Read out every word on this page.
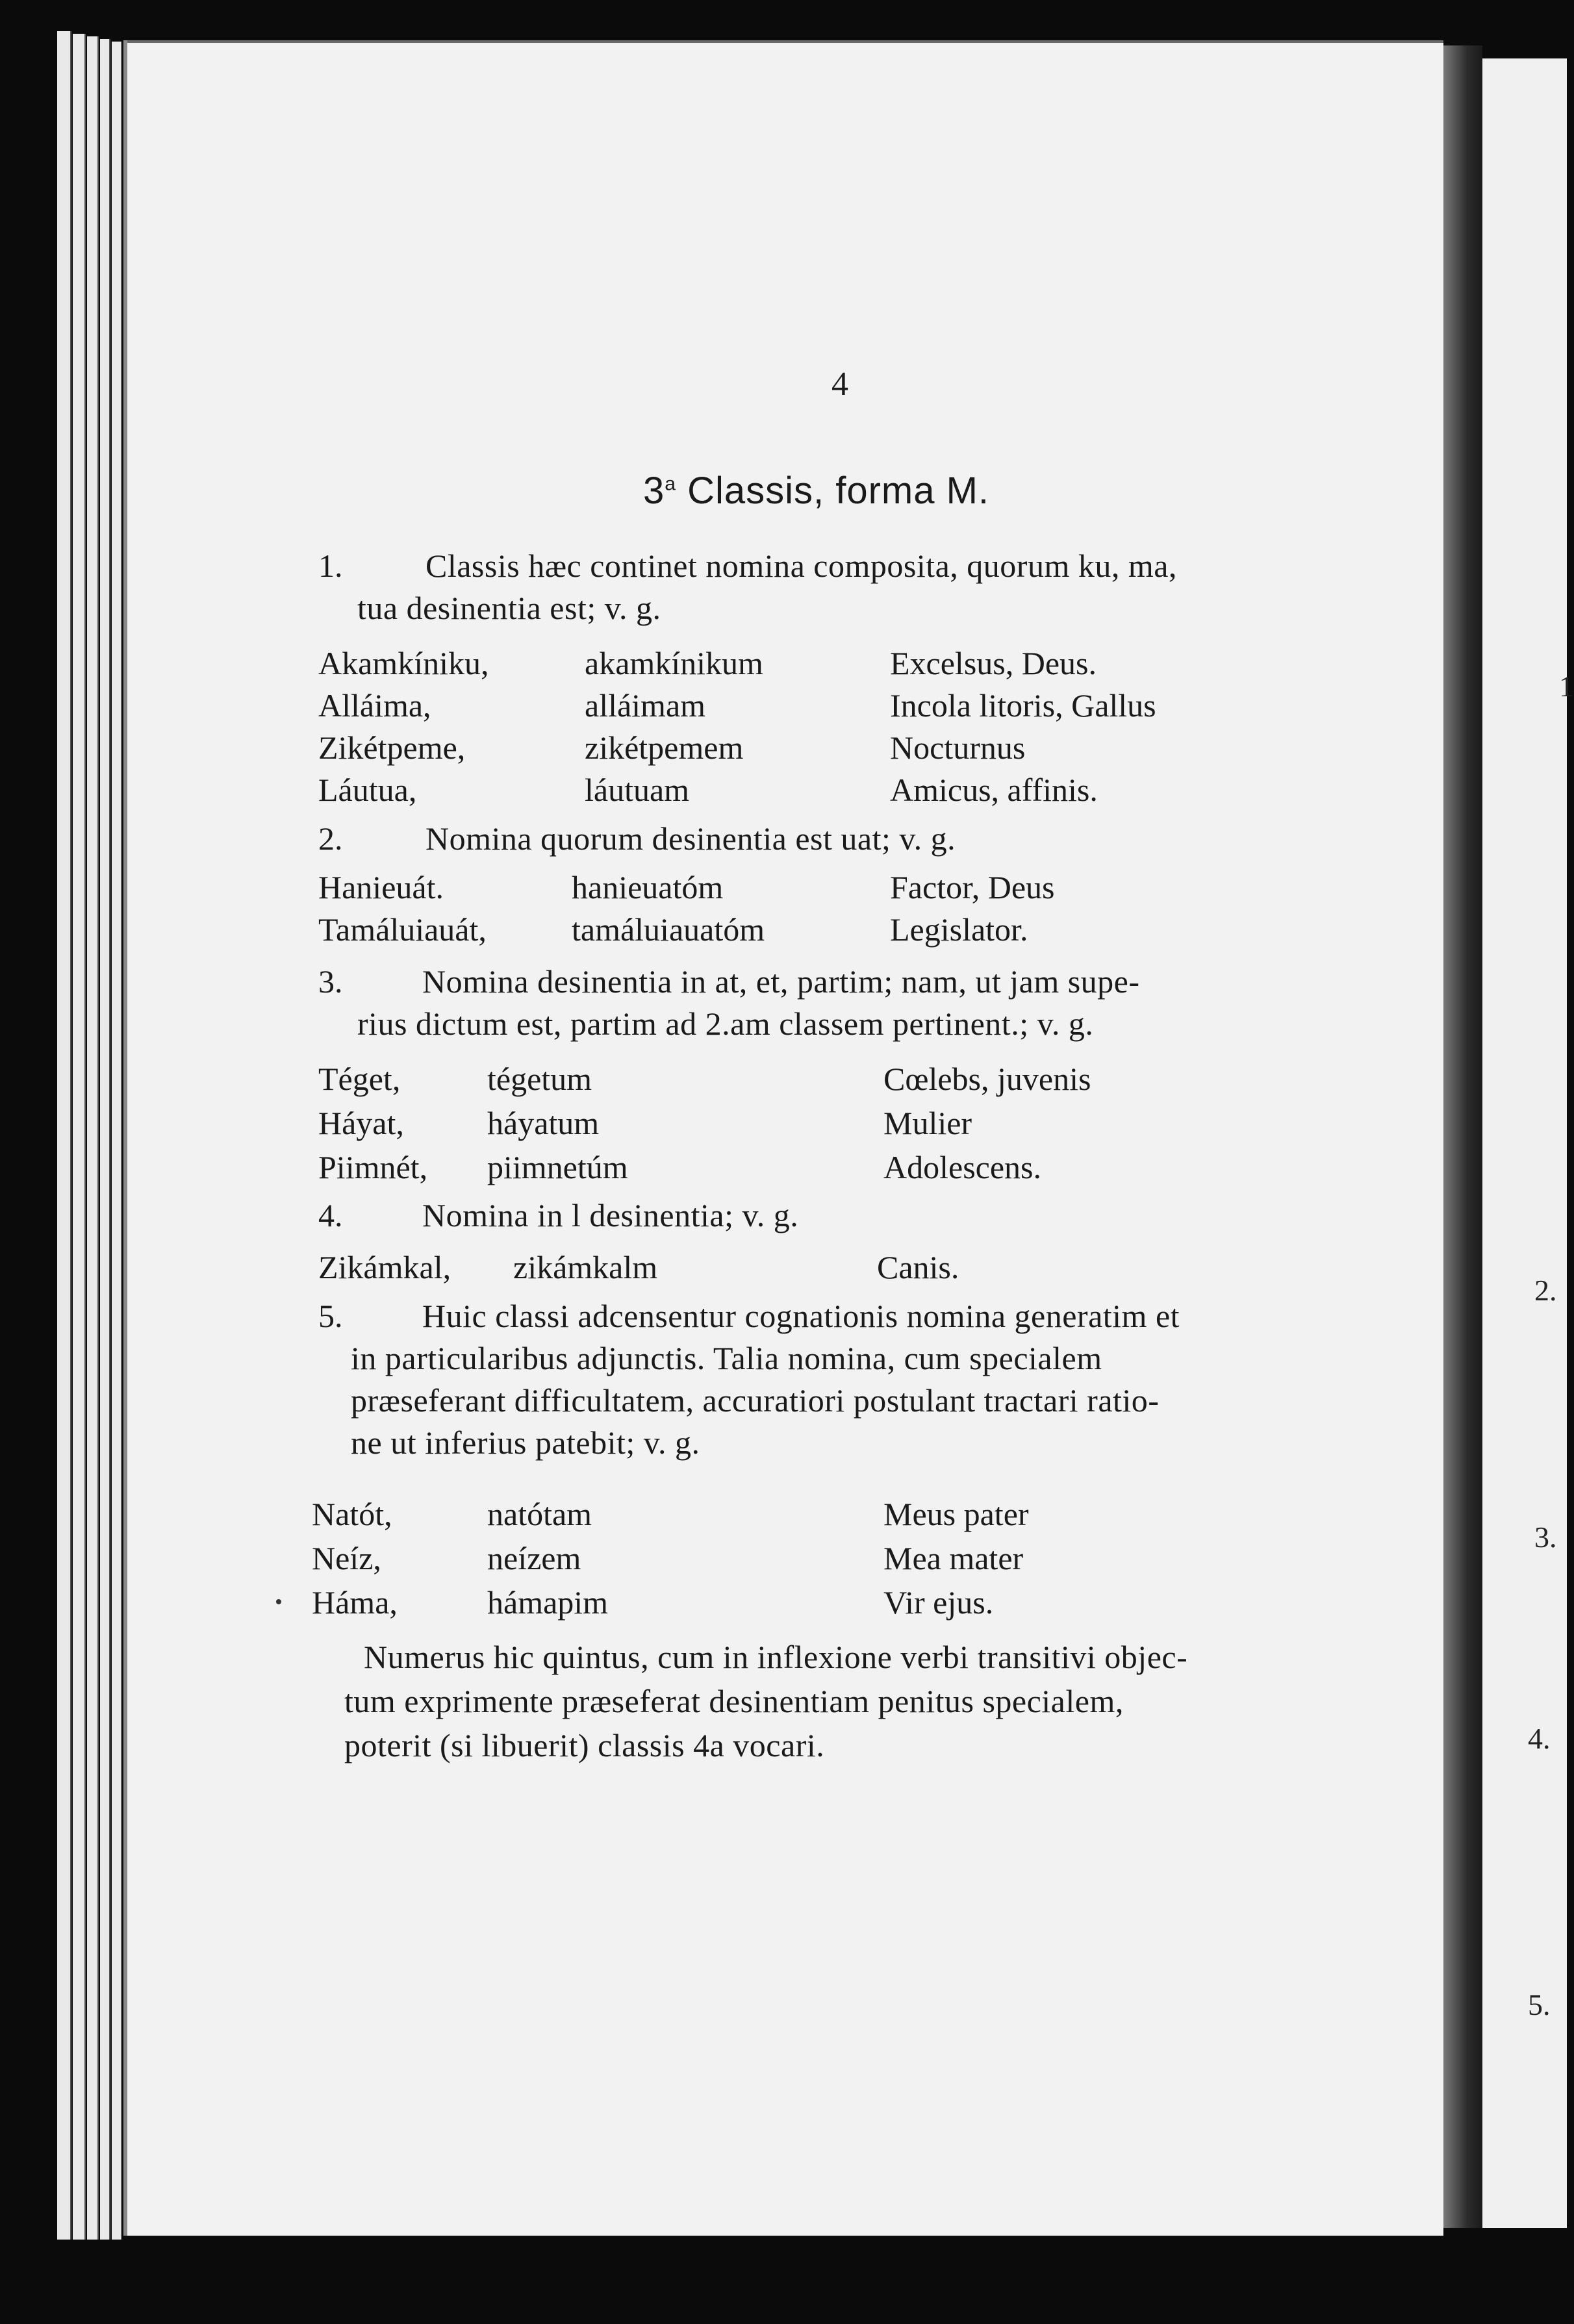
4
3$^a$ Classis, forma M.
1.	Classis hæc continet nomina composita, quorum ku, ma,
tua desinentia est; v. g.
Akamkíniku,	akamkínikum	Excelsus, Deus.
Alláima,	alláimam	Incola litoris, Gallus
Zikétpeme,	zikétpemem	Nocturnus
Láutua,	láutuam	Amicus, affinis.
2.	Nomina quorum desinentia est uat; v. g.
Hanieuát.	hanieuatóm	Factor, Deus
Tamáluiauát,	tamáluiauatóm	Legislator.
3. Nomina desinentia in at, et, partim; nam, ut jam supe-
rius dictum est, partim ad 2.am classem pertinent.; v. g.
Téget,	tégetum	Cœlebs, juvenis
Háyat,	háyatum	Mulier
Piimnét, piimnetúm	Adolescens.
4. Nomina in l desinentia; v. g.
Zikámkal, zikámkalm	Canis.
5. Huic classi adcensentur cognationis nomina generatim et
in particularibus adjunctis. Talia nomina, cum specialem
præseferant difficultatem, accuratiori postulant tractari ratio-
ne ut inferius patebit; v. g.
Natót,	natótam	Meus pater
Neíz,	neízem	Mea mater
Háma,	hámapim	Vir ejus.
Numerus hic quintus, cum in inflexione verbi transitivi objec-
tum exprimente præseferat desinentiam penitus specialem,
poterit (si libuerit) classis 4a vocari.
1
2.
3.
4.
5.
